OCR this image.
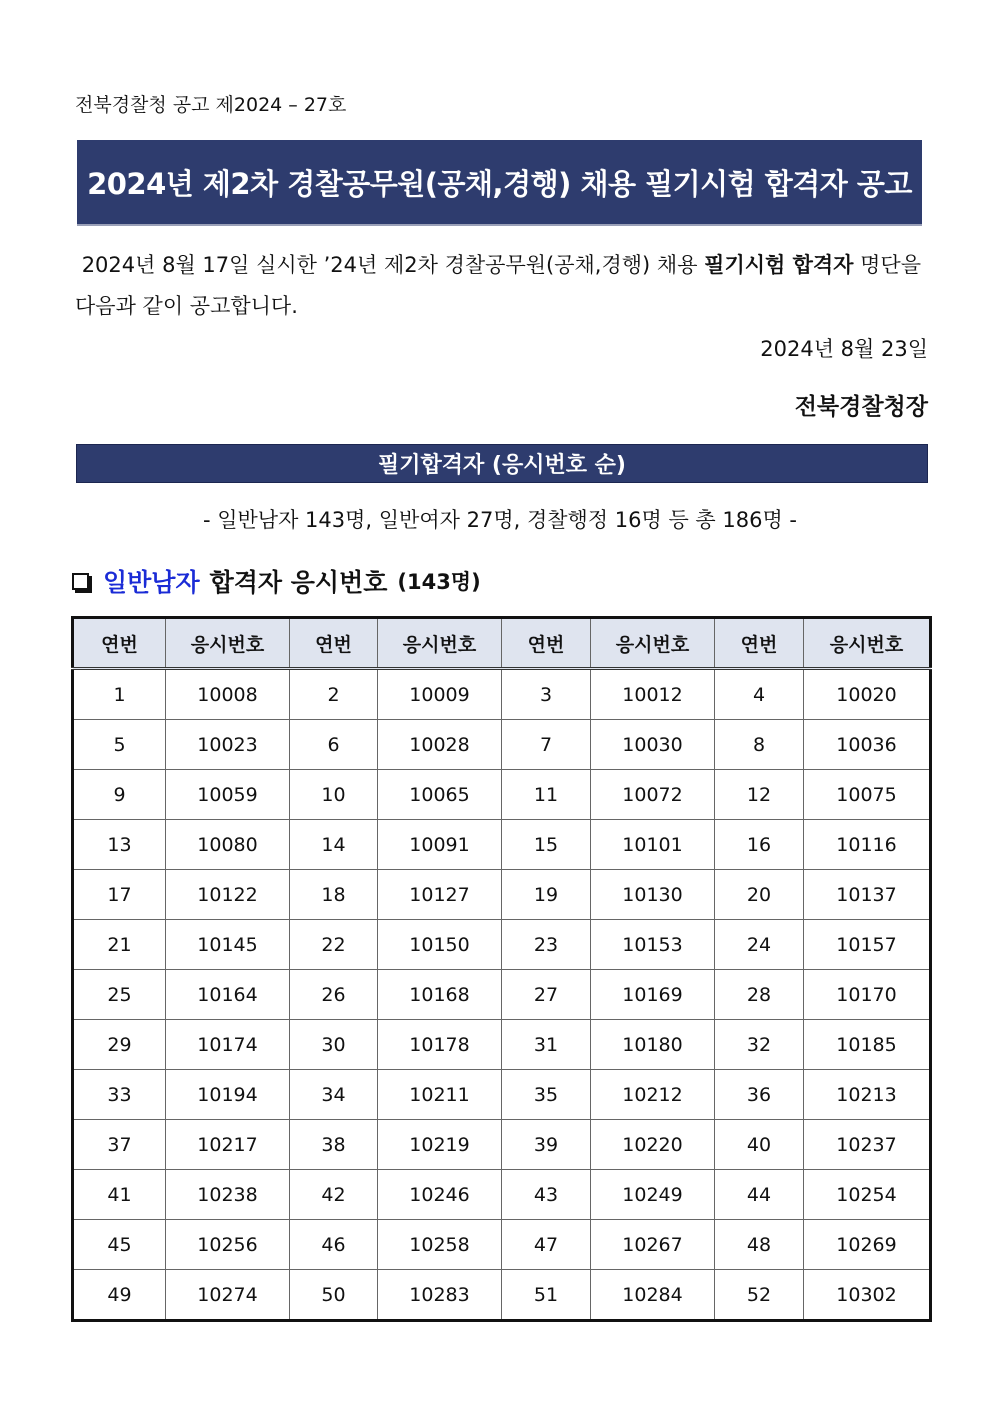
전북경찰청 공고 제2024 – 27호
2024년 제2차 경찰공무원(공채,경행) 채용 필기시험 합격자 공고
2024년 8월 17일 실시한 ’24년 제2차 경찰공무원(공채,경행) 채용 필기시험 합격자 명단을 다음과 같이 공고합니다.
2024년 8월 23일
전북경찰청장
필기합격자 (응시번호 순)
- 일반남자 143명, 일반여자 27명, 경찰행정 16명 등 총 186명 -
일반남자 합격자 응시번호 (143명)
연번	응시번호	연번	응시번호	연번	응시번호	연번	응시번호
1	10008	2	10009	3	10012	4	10020
5	10023	6	10028	7	10030	8	10036
9	10059	10	10065	11	10072	12	10075
13	10080	14	10091	15	10101	16	10116
17	10122	18	10127	19	10130	20	10137
21	10145	22	10150	23	10153	24	10157
25	10164	26	10168	27	10169	28	10170
29	10174	30	10178	31	10180	32	10185
33	10194	34	10211	35	10212	36	10213
37	10217	38	10219	39	10220	40	10237
41	10238	42	10246	43	10249	44	10254
45	10256	46	10258	47	10267	48	10269
49	10274	50	10283	51	10284	52	10302
